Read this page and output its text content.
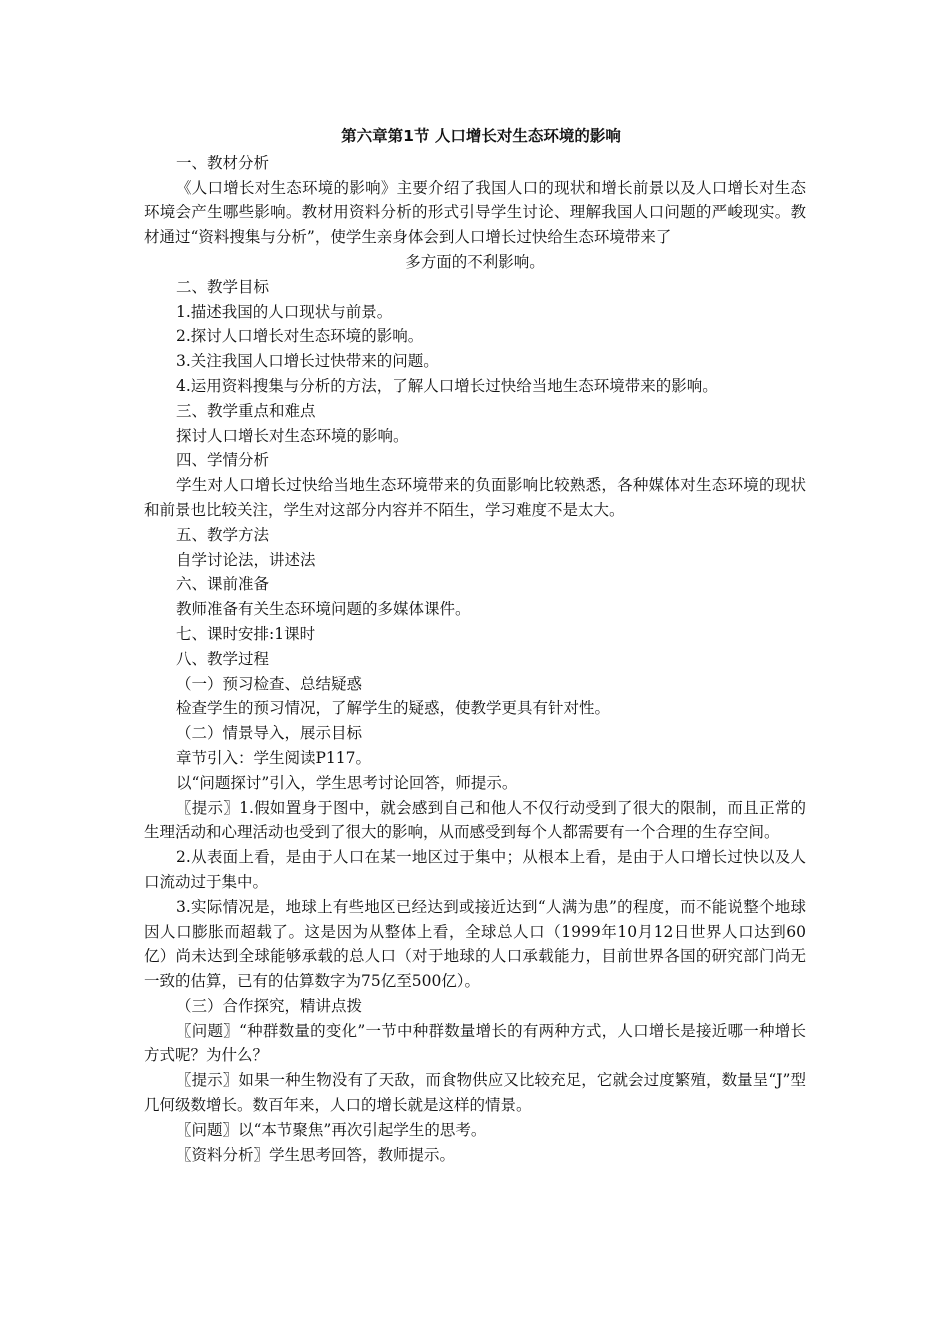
第六章第1节 人口增长对生态环境的影响
一、教材分析
《人口增长对生态环境的影响》主要介绍了我国人口的现状和增长前景以及人口增长对生态环境会产生哪些影响。教材用资料分析的形式引导学生讨论、理解我国人口问题的严峻现实。教材通过“资料搜集与分析”，使学生亲身体会到人口增长过快给生态环境带来了
多方面的不利影响。
二、教学目标
1.描述我国的人口现状与前景。
2.探讨人口增长对生态环境的影响。
3.关注我国人口增长过快带来的问题。
4.运用资料搜集与分析的方法，了解人口增长过快给当地生态环境带来的影响。
三、教学重点和难点
探讨人口增长对生态环境的影响。
四、学情分析
学生对人口增长过快给当地生态环境带来的负面影响比较熟悉，各种媒体对生态环境的现状和前景也比较关注，学生对这部分内容并不陌生，学习难度不是太大。
五、教学方法
自学讨论法，讲述法
六、课前准备
教师准备有关生态环境问题的多媒体课件。
七、课时安排:1课时
八、教学过程
（一）预习检查、总结疑惑
检查学生的预习情况，了解学生的疑惑，使教学更具有针对性。
（二）情景导入，展示目标
章节引入：学生阅读P117。
以“问题探讨”引入，学生思考讨论回答，师提示。
〖提示〗1.假如置身于图中，就会感到自己和他人不仅行动受到了很大的限制，而且正常的生理活动和心理活动也受到了很大的影响，从而感受到每个人都需要有一个合理的生存空间。
2.从表面上看，是由于人口在某一地区过于集中；从根本上看，是由于人口增长过快以及人口流动过于集中。
3.实际情况是，地球上有些地区已经达到或接近达到“人满为患”的程度，而不能说整个地球因人口膨胀而超载了。这是因为从整体上看，全球总人口（1999年10月12日世界人口达到60亿）尚未达到全球能够承载的总人口（对于地球的人口承载能力，目前世界各国的研究部门尚无一致的估算，已有的估算数字为75亿至500亿）。
（三）合作探究，精讲点拨
〖问题〗“种群数量的变化”一节中种群数量增长的有两种方式，人口增长是接近哪一种增长方式呢？为什么？
〖提示〗如果一种生物没有了天敌，而食物供应又比较充足，它就会过度繁殖，数量呈“J”型几何级数增长。数百年来，人口的增长就是这样的情景。
〖问题〗以“本节聚焦”再次引起学生的思考。
〖资料分析〗学生思考回答，教师提示。
